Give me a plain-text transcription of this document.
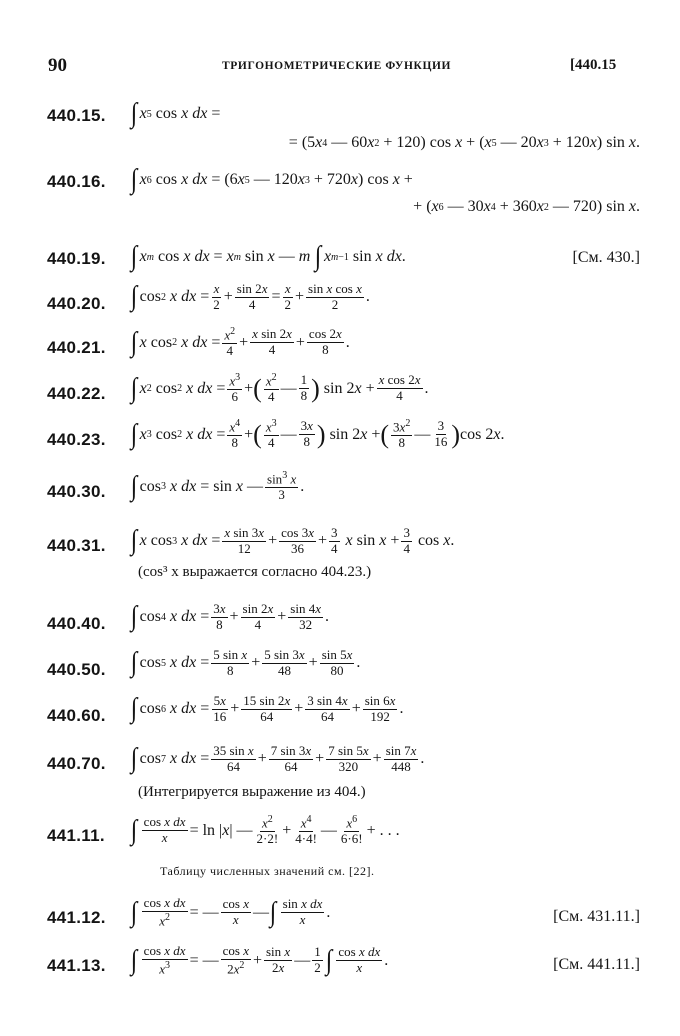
90	ТРИГОНОМЕТРИЧЕСКИЕ ФУНКЦИИ	[440.15
440.15. ∫ x 5 cos x dx =
= (5 x 4 — 60 x 2 + 120) cos x + ( x 5 — 20 x 3 + 120 x ) sin x .
440.16. ∫ x 6 cos x dx = (6 x 5 — 120 x 3 + 720 x ) cos x +
+ ( x 6 — 30 x 4 + 360 x 2 — 720) sin x .
440.19. ∫ x m cos x dx = x m sin x — m
∫ x m−1 sin x dx .	[См. 430.]
440.20. ∫ cos 2
x dx = x
2 + sin 2x
4 = x
2 + sin x cos x
2 .
440.21. ∫ x cos 2
x dx = $x^2$
4
+ x sin 2x
4 + cos 2x
8 .
440.22. ∫ x 2 cos 2
x dx = $x^3$
6
+ ( $x^2$
4
— 1
8 ) sin 2 x + x cos 2x
4 .
440.23. ∫ x 3 cos 2
x dx = $x^4$
8
+ ( $x^3$
4
— 3x
8 ) sin 2 x + ( $3x^2$
8
— 3
16 ) cos 2 x .
440.30. ∫ cos 3
x dx = sin x — $\sin^3 x$
3
.
440.31. ∫ x cos 3
x dx = x sin 3x
12 + cos 3x
36 + 3
4
x sin x + 3
4 cos x .
(cos³ x выражается согласно 404.23.)
440.40. ∫ cos 4
x dx = 3x
8 + sin 2x
4 + sin 4x
32 .
440.50. ∫ cos 5
x dx = 5 sin x
8 + 5 sin 3x
48 + sin 5x
80 .
440.60. ∫ cos 6
x dx = 5x
16 + 15 sin 2x
64 + 3 sin 4x
64 + sin 6x
192 .
440.70. ∫ cos 7
x dx = 35 sin x
64 + 7 sin 3x
64 + 7 sin 5x
320 + sin 7x
448 .
(Интегрируется выражение из 404.)
441.11. ∫ cos x dx
x = ln | x | — $x^2$
2·2!
+ $x^4$
4·4!
— $x^6$
6·6!
+ . . .
Таблицу численных значений см. [22].
441.12. ∫ cos x dx
$x^2$ = — cos x
x — ∫ sin x dx
x .	[См. 431.11.]
441.13. ∫ cos x dx
$x^3$ = —
cos x
$2x^2 + \sin x$
2x — 1
2 ∫ cos x dx
x .	[См. 441.11.]
